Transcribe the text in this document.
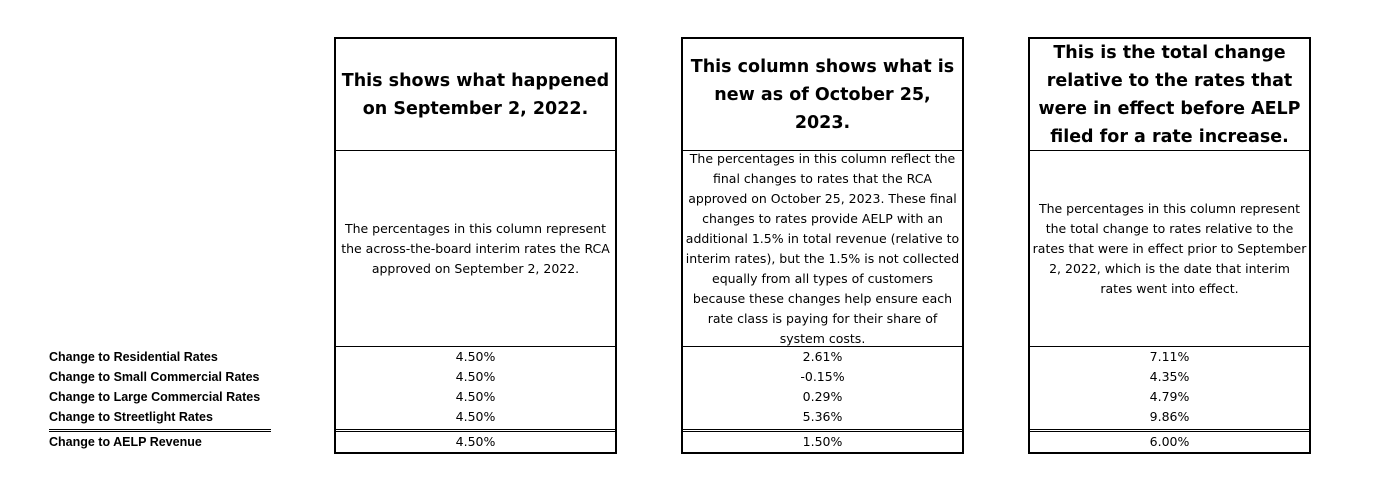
Change to Residential Rates
Change to Small Commercial Rates
Change to Large Commercial Rates
Change to Streetlight Rates
Change to AELP Revenue
This shows what happened on September 2, 2022.
The percentages in this column represent the across-the-board interim rates the RCA approved on September 2, 2022.
4.50%
4.50%
4.50%
4.50%
4.50%
This column shows what is new as of October 25, 2023.
The percentages in this column reflect the final changes to rates that the RCA approved on October 25, 2023. These final changes to rates provide AELP with an additional 1.5% in total revenue (relative to interim rates), but the 1.5% is not collected equally from all types of customers because these changes help ensure each rate class is paying for their share of system costs.
2.61%
-0.15%
0.29%
5.36%
1.50%
This is the total change relative to the rates that were in effect before AELP filed for a rate increase.
The percentages in this column represent the total change to rates relative to the rates that were in effect prior to September 2, 2022, which is the date that interim rates went into effect.
7.11%
4.35%
4.79%
9.86%
6.00%
